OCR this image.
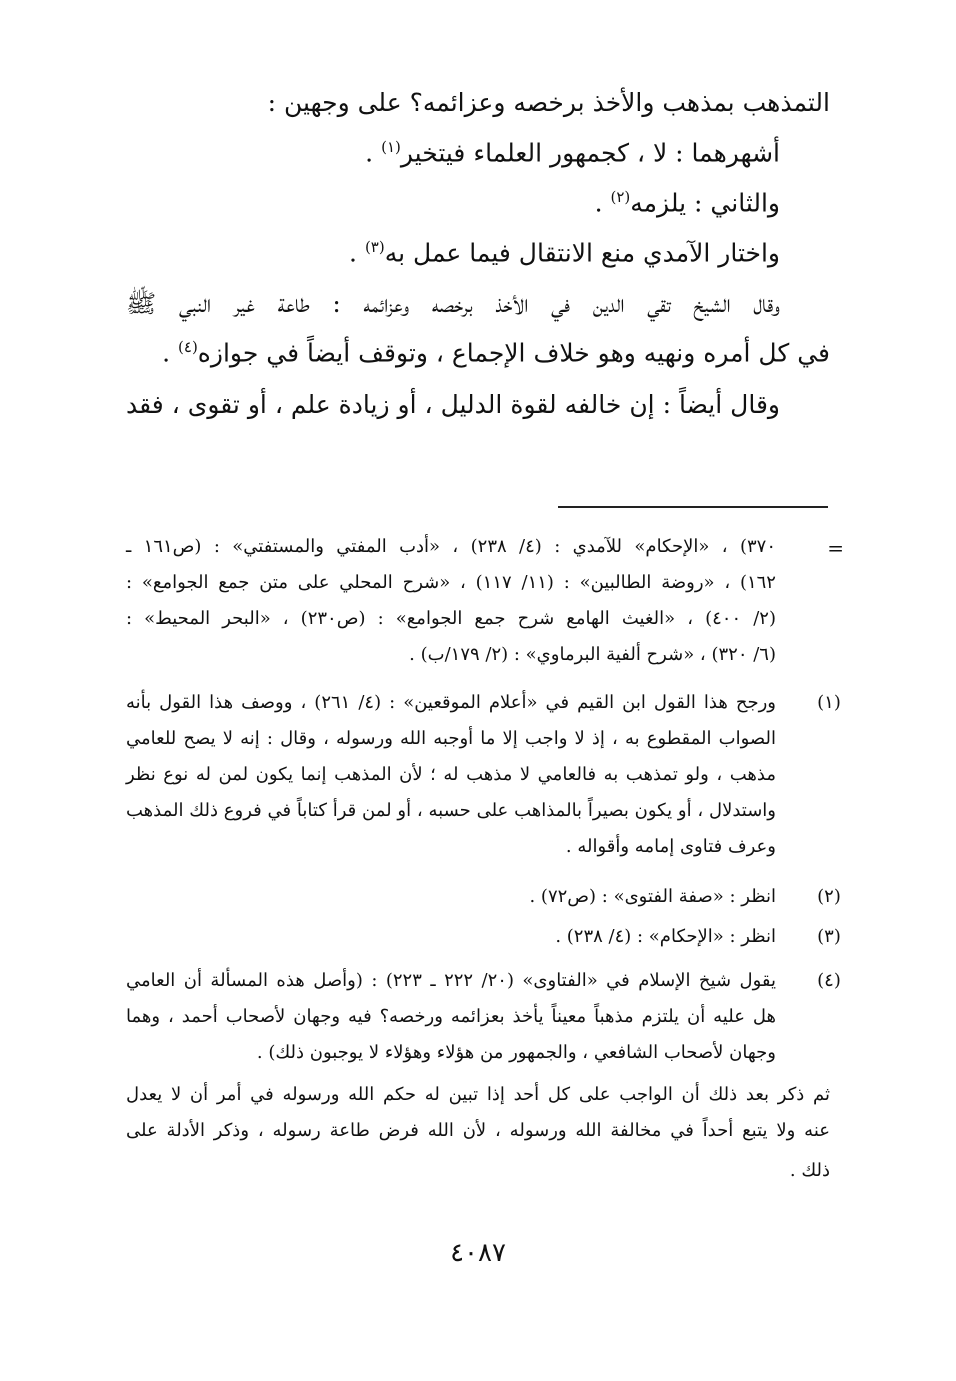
التمذهب بمذهب والأخذ برخصه وعزائمه؟ على وجهين :
أشهرهما : لا ، كجمهور العلماء فيتخير$^{(١)}$ .
والثاني : يلزمه$^{(٢)}$ .
واختار الآمدي منع الانتقال فيما عمل به$^{(٣)}$ .
وقال الشيخ تقي الدين في الأخذ برخصه وعزائمه : طاعة غير النبي ﷺ
في كل أمره ونهيه وهو خلاف الإجماع ، وتوقف أيضاً في جوازه$^{(٤)}$ .
وقال أيضاً : إن خالفه لقوة الدليل ، أو زيادة علم ، أو تقوى ، فقد
=
٣٧٠) ، «الإحكام» للآمدي : (٤/ ٢٣٨) ، «أدب المفتي والمستفتي» : (ص١٦١ ـ
١٦٢) ، «روضة الطالبين» : (١١/ ١١٧) ، «شرح المحلي على متن جمع الجوامع» :
(٢/ ٤٠٠) ، «الغيث الهامع شرح جمع الجوامع» : (ص٢٣٠) ، «البحر المحيط» :
(٦/ ٣٢٠) ، «شرح ألفية البرماوي» : (٢/ ١٧٩/ب) .
(١)
ورجح هذا القول ابن القيم في «أعلام الموقعين» : (٤/ ٢٦١) ، ووصف هذا القول بأنه
الصواب المقطوع به ، إذ لا واجب إلا ما أوجبه الله ورسوله ، وقال : إنه لا يصح للعامي
مذهب ، ولو تمذهب به فالعامي لا مذهب له ؛ لأن المذهب إنما يكون لمن له نوع نظر
واستدلال ، أو يكون بصيراً بالمذاهب على حسبه ، أو لمن قرأ كتاباً في فروع ذلك المذهب
وعرف فتاوى إمامه وأقواله .
(٢)
انظر : «صفة الفتوى» : (ص٧٢) .
(٣)
انظر : «الإحكام» : (٤/ ٢٣٨) .
(٤)
يقول شيخ الإسلام في «الفتاوى» (٢٠/ ٢٢٢ ـ ٢٢٣) : (وأصل هذه المسألة أن العامي
هل عليه أن يلتزم مذهباً معيناً يأخذ بعزائمه ورخصه؟ فيه وجهان لأصحاب أحمد ، وهما
وجهان لأصحاب الشافعي ، والجمهور من هؤلاء وهؤلاء لا يوجبون ذلك) .
ثم ذكر بعد ذلك أن الواجب على كل أحد إذا تبين له حكم الله ورسوله في أمر أن لا يعدل
عنه ولا يتبع أحداً في مخالفة الله ورسوله ، لأن الله فرض طاعة رسوله ، وذكر الأدلة على
ذلك .
٤٠٨٧
